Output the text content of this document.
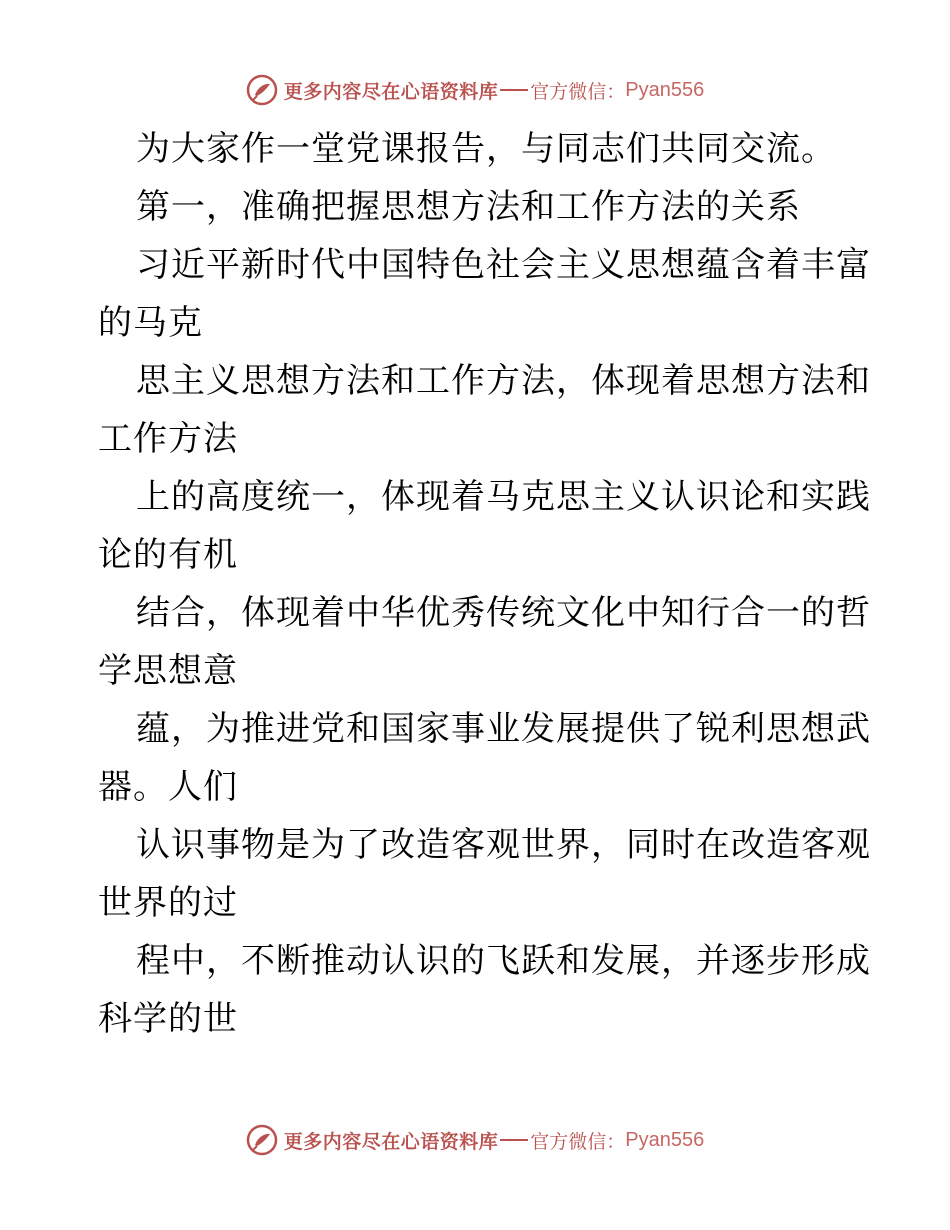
更多内容尽在心语资料库 官方微信： Pyan556

为大家作一堂党课报告，与同志们共同交流。

第一，准确把握思想方法和工作方法的关系

习近平新时代中国特色社会主义思想蕴含着丰富

的马克

思主义思想方法和工作方法，体现着思想方法和

工作方法

上的高度统一，体现着马克思主义认识论和实践

论的有机

结合，体现着中华优秀传统文化中知行合一的哲

学思想意

蕴，为推进党和国家事业发展提供了锐利思想武

器。人们

认识事物是为了改造客观世界，同时在改造客观

世界的过

程中，不断推动认识的飞跃和发展，并逐步形成

科学的世

更多内容尽在心语资料库 官方微信： Pyan556
